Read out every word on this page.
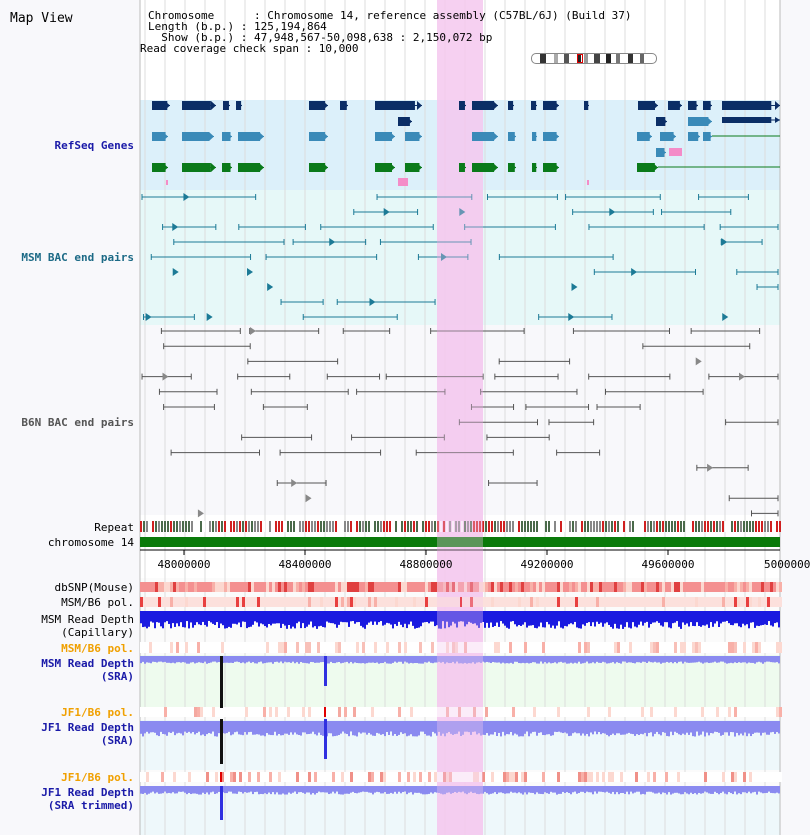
Map View	Chromosome      : Chromosome 14, reference assembly (C57BL/6J) (Build 37)
Length (b.p.) : 125,194,864
Show (b.p.) : 47,948,567-50,098,638 : 2,150,072 bp
Read coverage check span : 10,000
RefSeq Genes
MSM BAC end pairs
B6N BAC end pairs
Repeat
chromosome 14
dbSNP(Mouse)
MSM/B6 pol.
MSM Read Depth
(Capillary)
MSM/B6 pol.
MSM Read Depth
(SRA)
JF1/B6 pol.
JF1 Read Depth
(SRA)
JF1/B6 pol.
JF1 Read Depth
(SRA trimmed)
48000000	48400000	48800000	49200000	49600000	5000000
